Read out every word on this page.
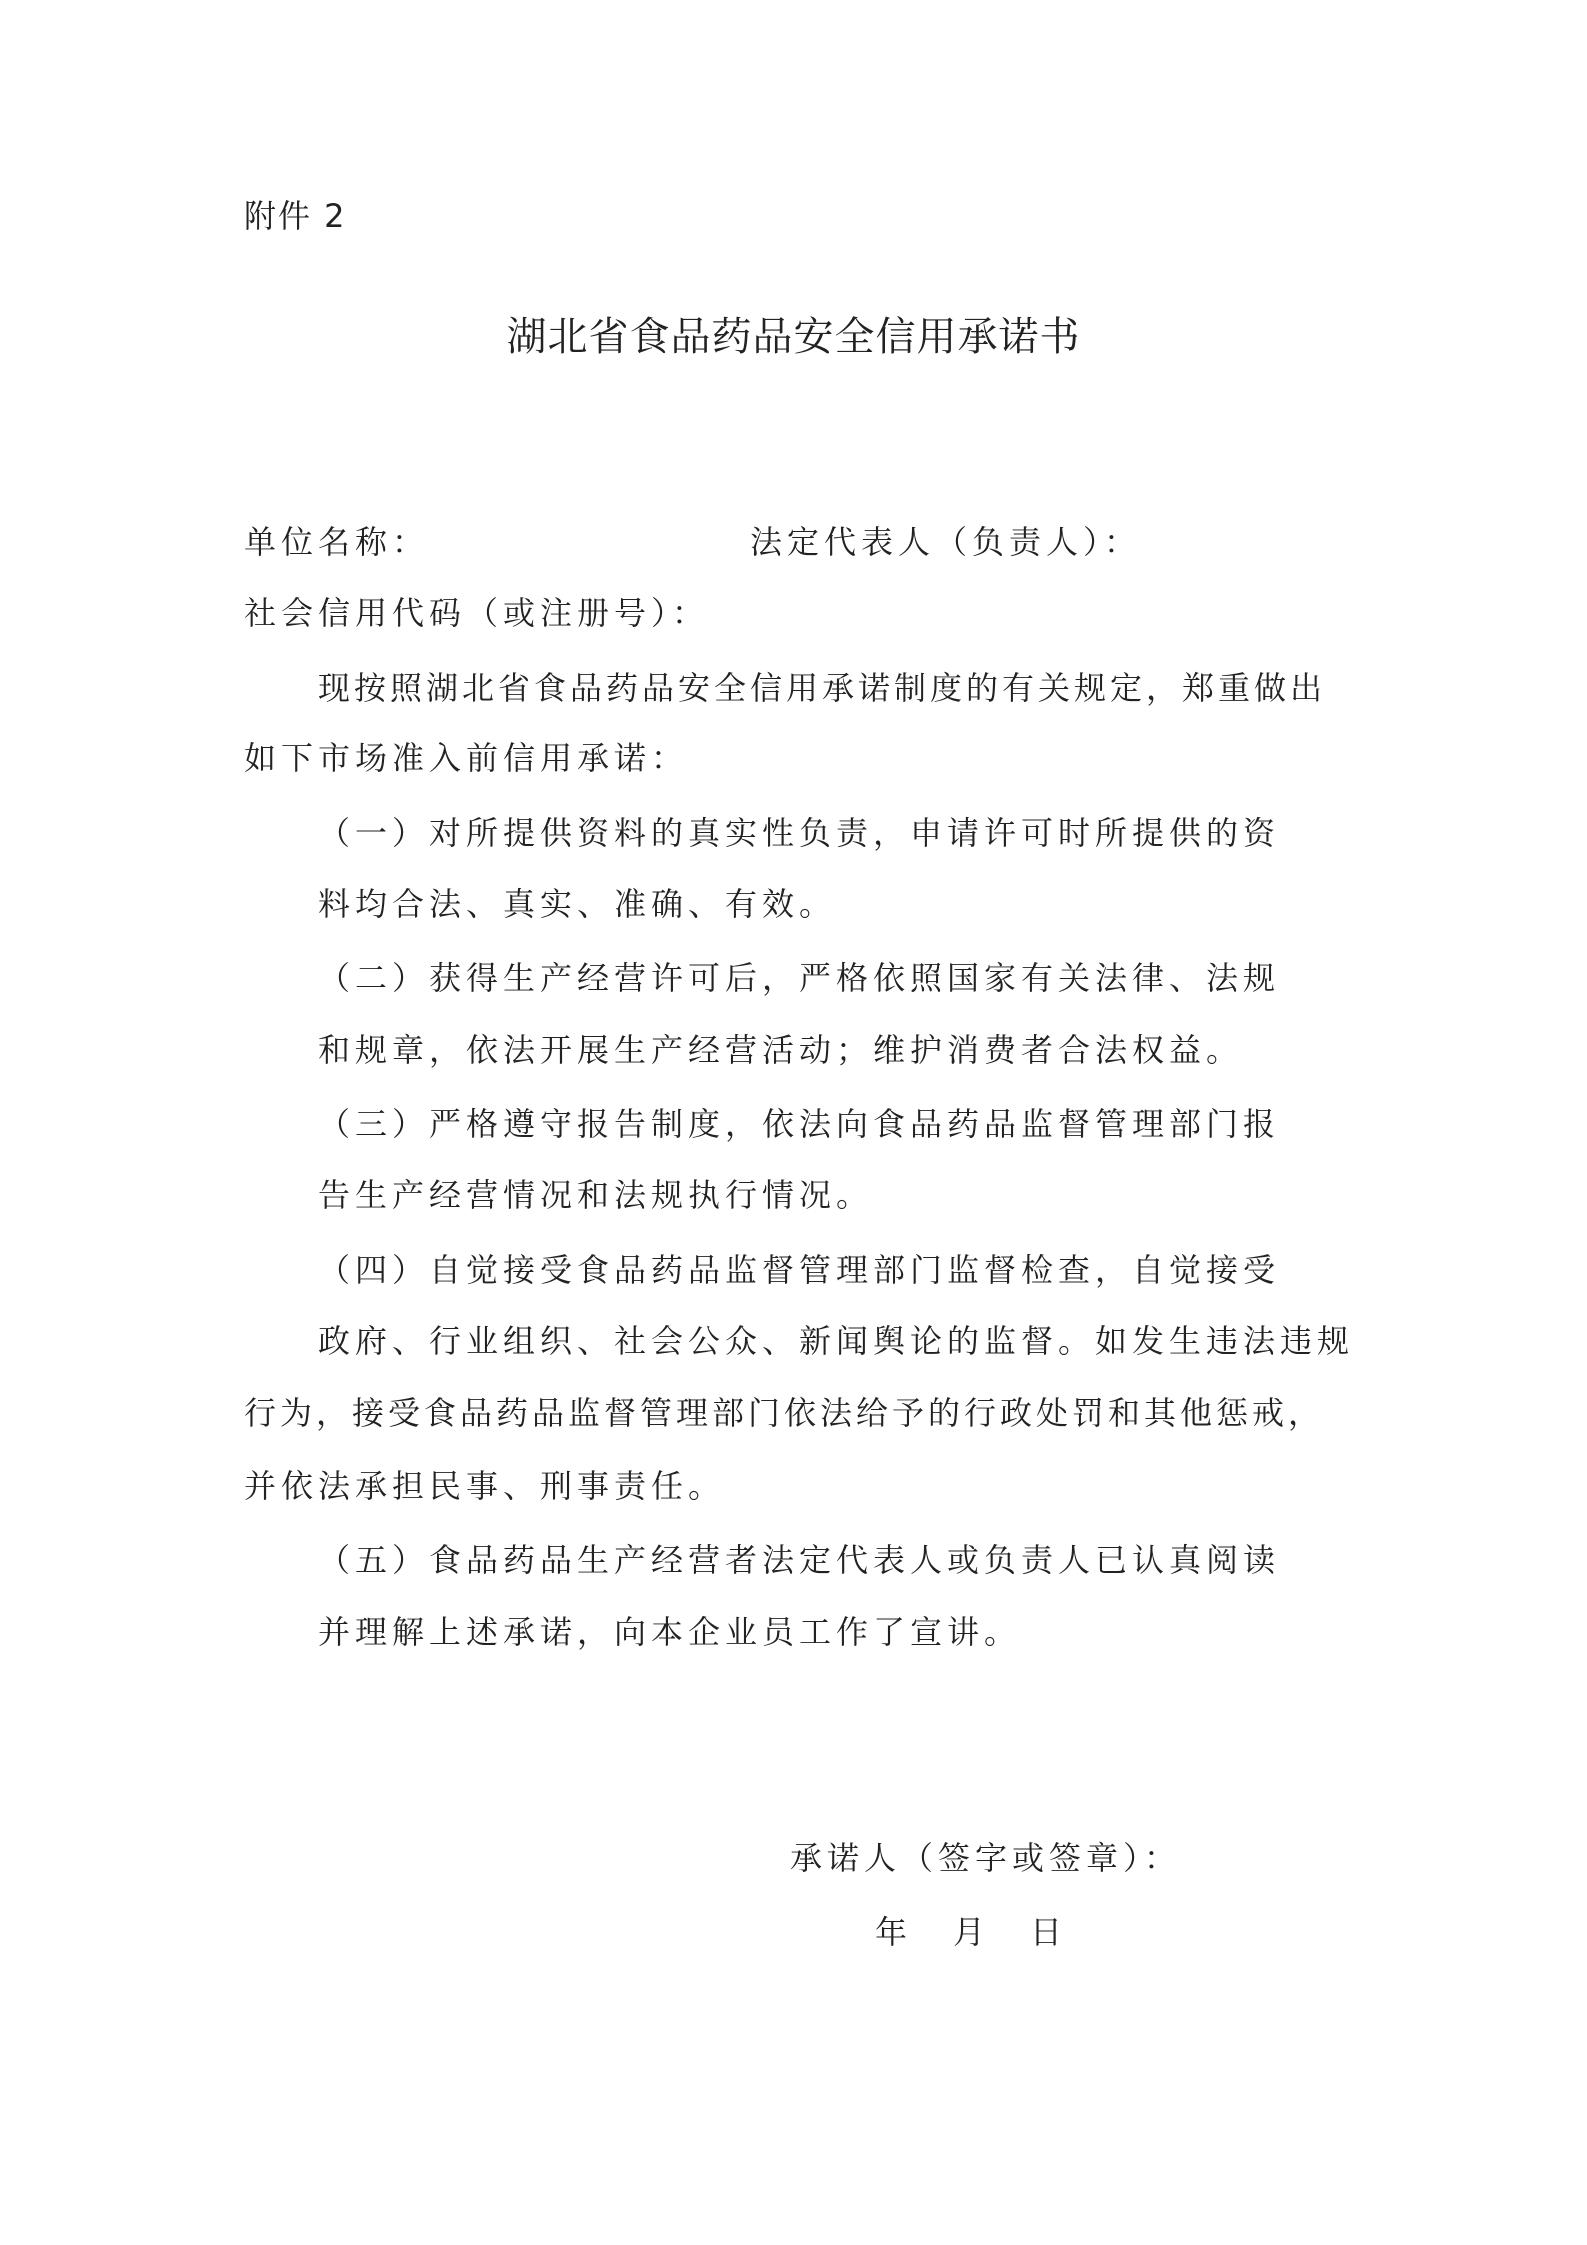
附件 2
湖北省食品药品安全信用承诺书
单位名称：	法定代表人（负责人）：
社会信用代码（或注册号）：
现按照湖北省食品药品安全信用承诺制度的有关规定，郑重做出
如下市场准入前信用承诺：
（一）对所提供资料的真实性负责，申请许可时所提供的资
料均合法、真实、准确、有效。
（二）获得生产经营许可后，严格依照国家有关法律、法规
和规章，依法开展生产经营活动；维护消费者合法权益。
（三）严格遵守报告制度，依法向食品药品监督管理部门报
告生产经营情况和法规执行情况。
（四）自觉接受食品药品监督管理部门监督检查，自觉接受
政府、行业组织、社会公众、新闻舆论的监督。如发生违法违规
行为，接受食品药品监督管理部门依法给予的行政处罚和其他惩戒，
并依法承担民事、刑事责任。
（五）食品药品生产经营者法定代表人或负责人已认真阅读
并理解上述承诺，向本企业员工作了宣讲。
承诺人（签字或签章）：
年 月 日
